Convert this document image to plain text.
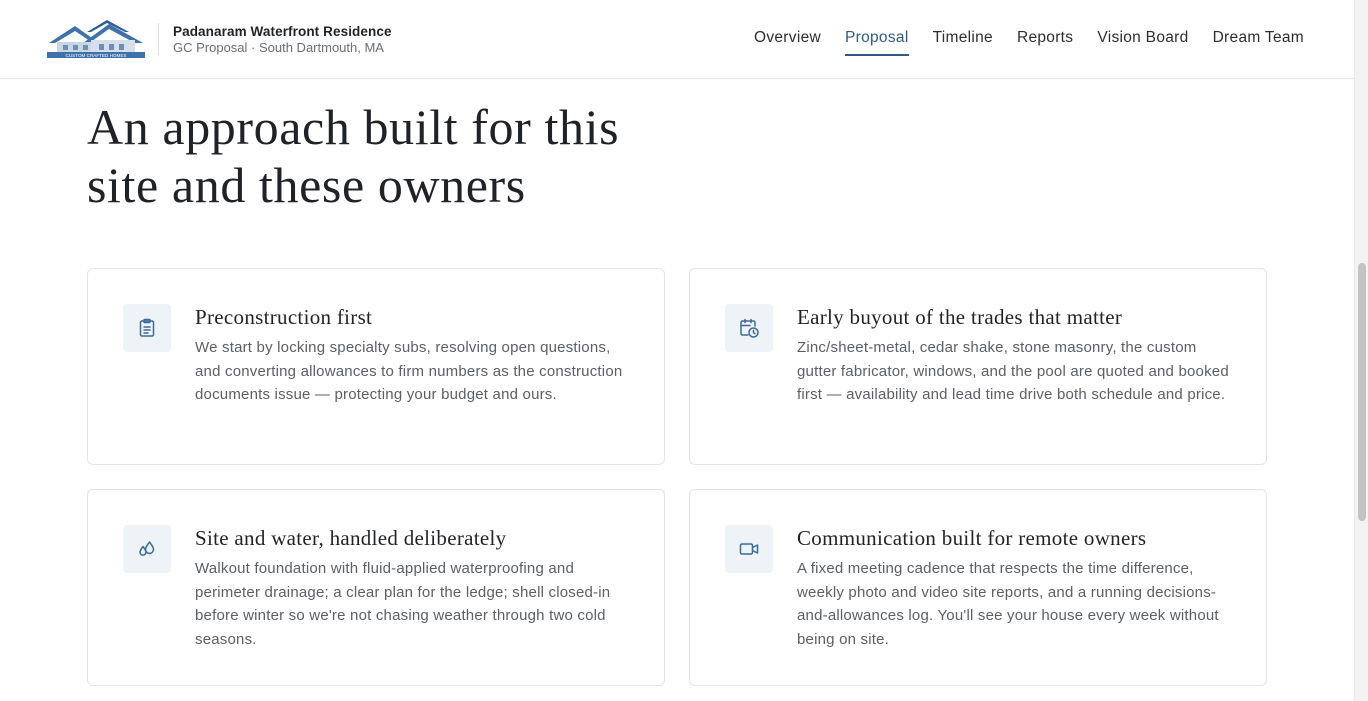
CUSTOM CRAFTED HOMES
Padanaram Waterfront Residence
GC Proposal · South Dartmouth, MA
Overview Proposal Timeline Reports Vision Board Dream Team
An approach built for this
site and these owners
Preconstruction first
We start by locking specialty subs, resolving open questions, and converting allowances to firm numbers as the construction documents issue — protecting your budget and ours.
Early buyout of the trades that matter
Zinc/sheet-metal, cedar shake, stone masonry, the custom gutter fabricator, windows, and the pool are quoted and booked first — availability and lead time drive both schedule and price.
Site and water, handled deliberately
Walkout foundation with fluid-applied waterproofing and perimeter drainage; a clear plan for the ledge; shell closed-in before winter so we're not chasing weather through two cold seasons.
Communication built for remote owners
A fixed meeting cadence that respects the time difference, weekly photo and video site reports, and a running decisions-and-allowances log. You'll see your house every week without being on site.
